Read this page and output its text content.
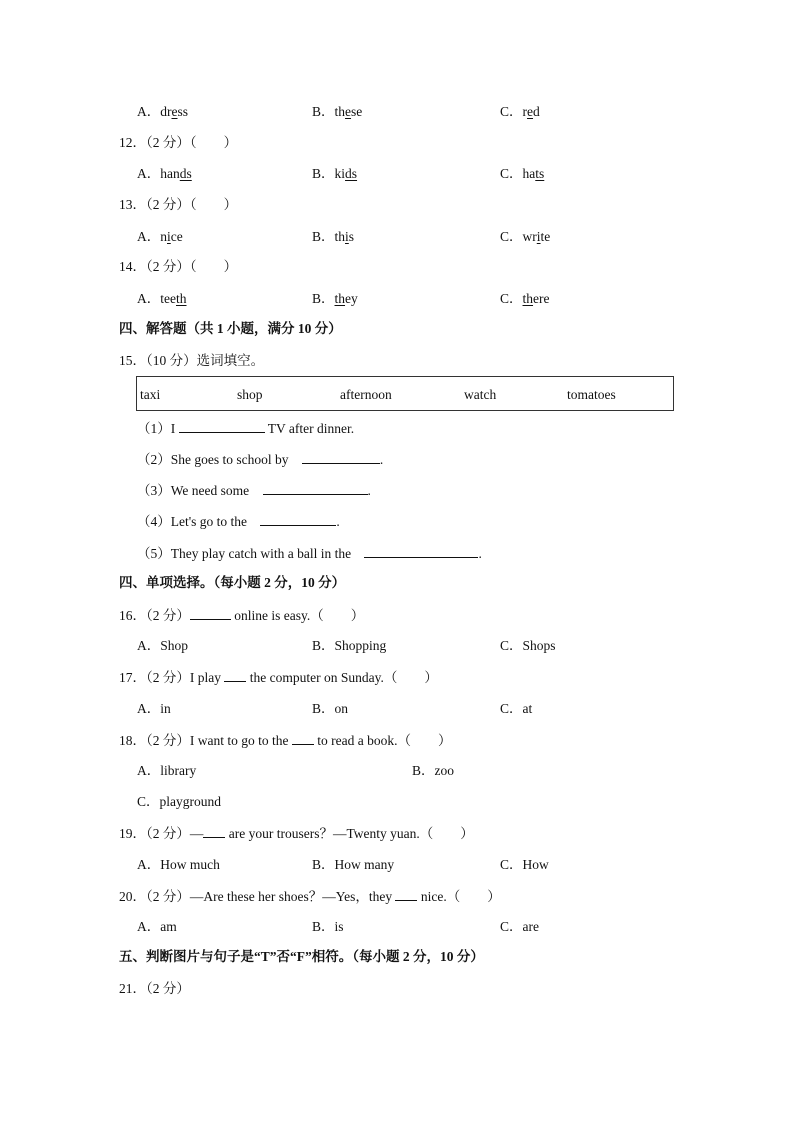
A．dress	B．these	C．red
12．（2 分）（　　）
A．hands	B．kids	C．hats
13．（2 分）（　　）
A．nice	B．this	C．write
14．（2 分）（　　）
A．teeth	B．they	C．there
四、解答题（共 1 小题，满分 10 分）
15．（10 分）选词填空。
taxi	shop	afternoon	watch	tomatoes
（1）I	TV after dinner.
（2）She goes to school by	.
（3）We need some	.
（4）Let's go to the	.
（5）They play catch with a ball in the	.
四、单项选择。（每小题 2 分，10 分）
16．（2 分）	online is easy.（　　）
A．Shop	B．Shopping	C．Shops
17．（2 分）I play  the computer on Sunday.（　　）
A．in	B．on	C．at
18．（2 分）I want to go to the  to read a book.（　　）
A．library	B．zoo
C．playground
19．（2 分）— are your trousers？—Twenty yuan.（　　）
A．How much	B．How many	C．How
20．（2 分）—Are these her shoes？—Yes，they  nice.（　　）
A．am	B．is	C．are
五、判断图片与句子是“T”否“F”相符。（每小题 2 分，10 分）
21．（2 分）
